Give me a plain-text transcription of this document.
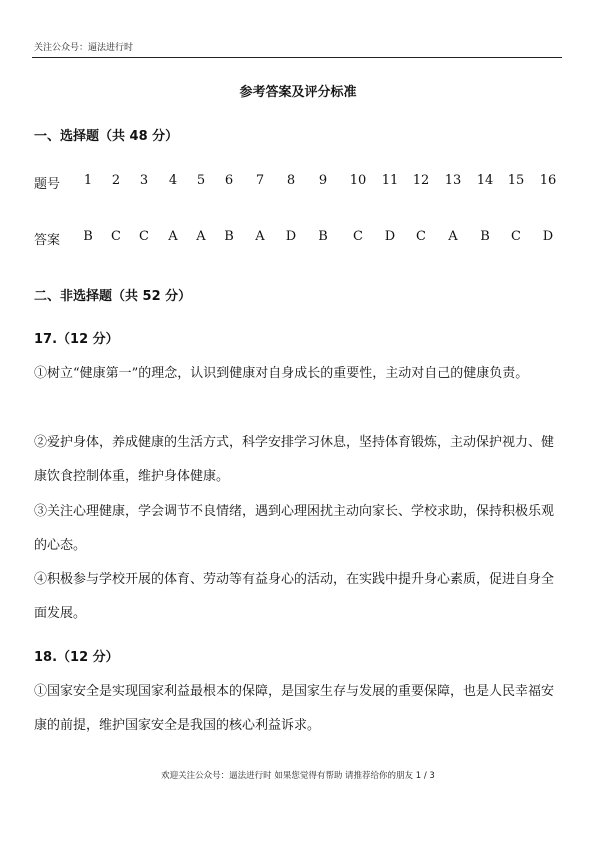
关注公众号：逼法进行时
参考答案及评分标准
一、选择题（共 48 分）
题号	1	2	3	4	5	6	7	8	9	10	11	12	13	14	15	16
答案	B	C	C	A	A	B	A	D	B	C	D	C	A	B	C	D
二、非选择题（共 52 分）
17.（12 分）
①树立“健康第一”的理念，认识到健康对自身成长的重要性，主动对自己的健康负责。
②爱护身体，养成健康的生活方式，科学安排学习休息，坚持体育锻炼，主动保护视力、健康饮食控制体重，维护身体健康。
③关注心理健康，学会调节不良情绪，遇到心理困扰主动向家长、学校求助，保持积极乐观的心态。
④积极参与学校开展的体育、劳动等有益身心的活动，在实践中提升身心素质，促进自身全面发展。
18.（12 分）
①国家安全是实现国家利益最根本的保障，是国家生存与发展的重要保障，也是人民幸福安康的前提，维护国家安全是我国的核心利益诉求。
欢迎关注公众号：逼法进行时 如果您觉得有帮助 请推荐给你的朋友 1 / 3
